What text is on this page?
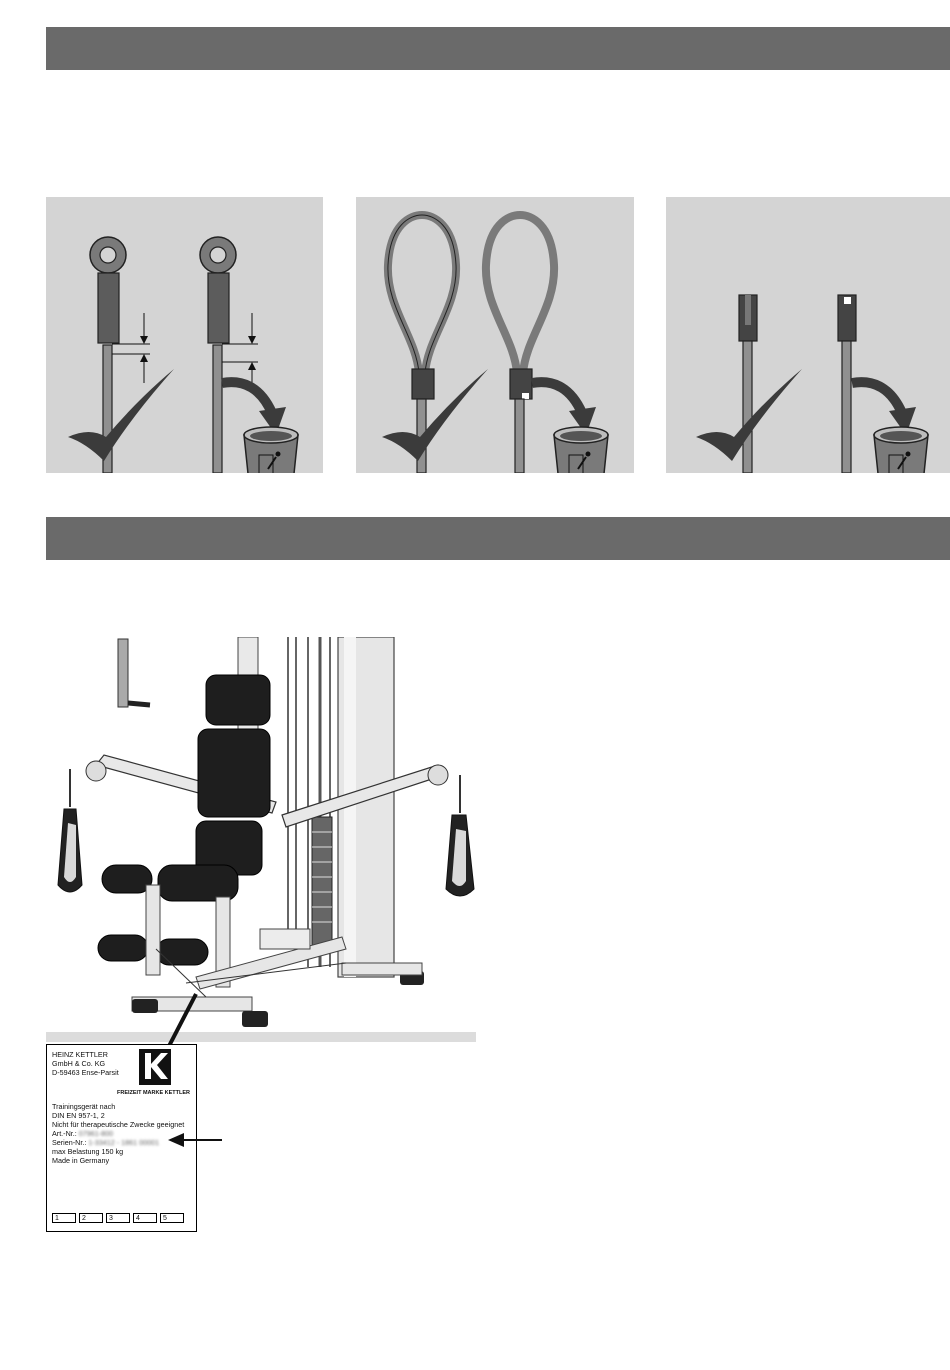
HEINZ KETTLER
GmbH & Co. KG
D-59463 Ense-Parsit
FREIZEIT MARKE KETTLER
Trainingsgerät nach
DIN EN 957-1, 2
Nicht für therapeutische Zwecke geeignet
Art.-Nr.: 07961-800
Serien-Nr.: 1-33412 - 1861 00001
max Belastung 150 kg
Made in Germany
1	2	3	4	5
